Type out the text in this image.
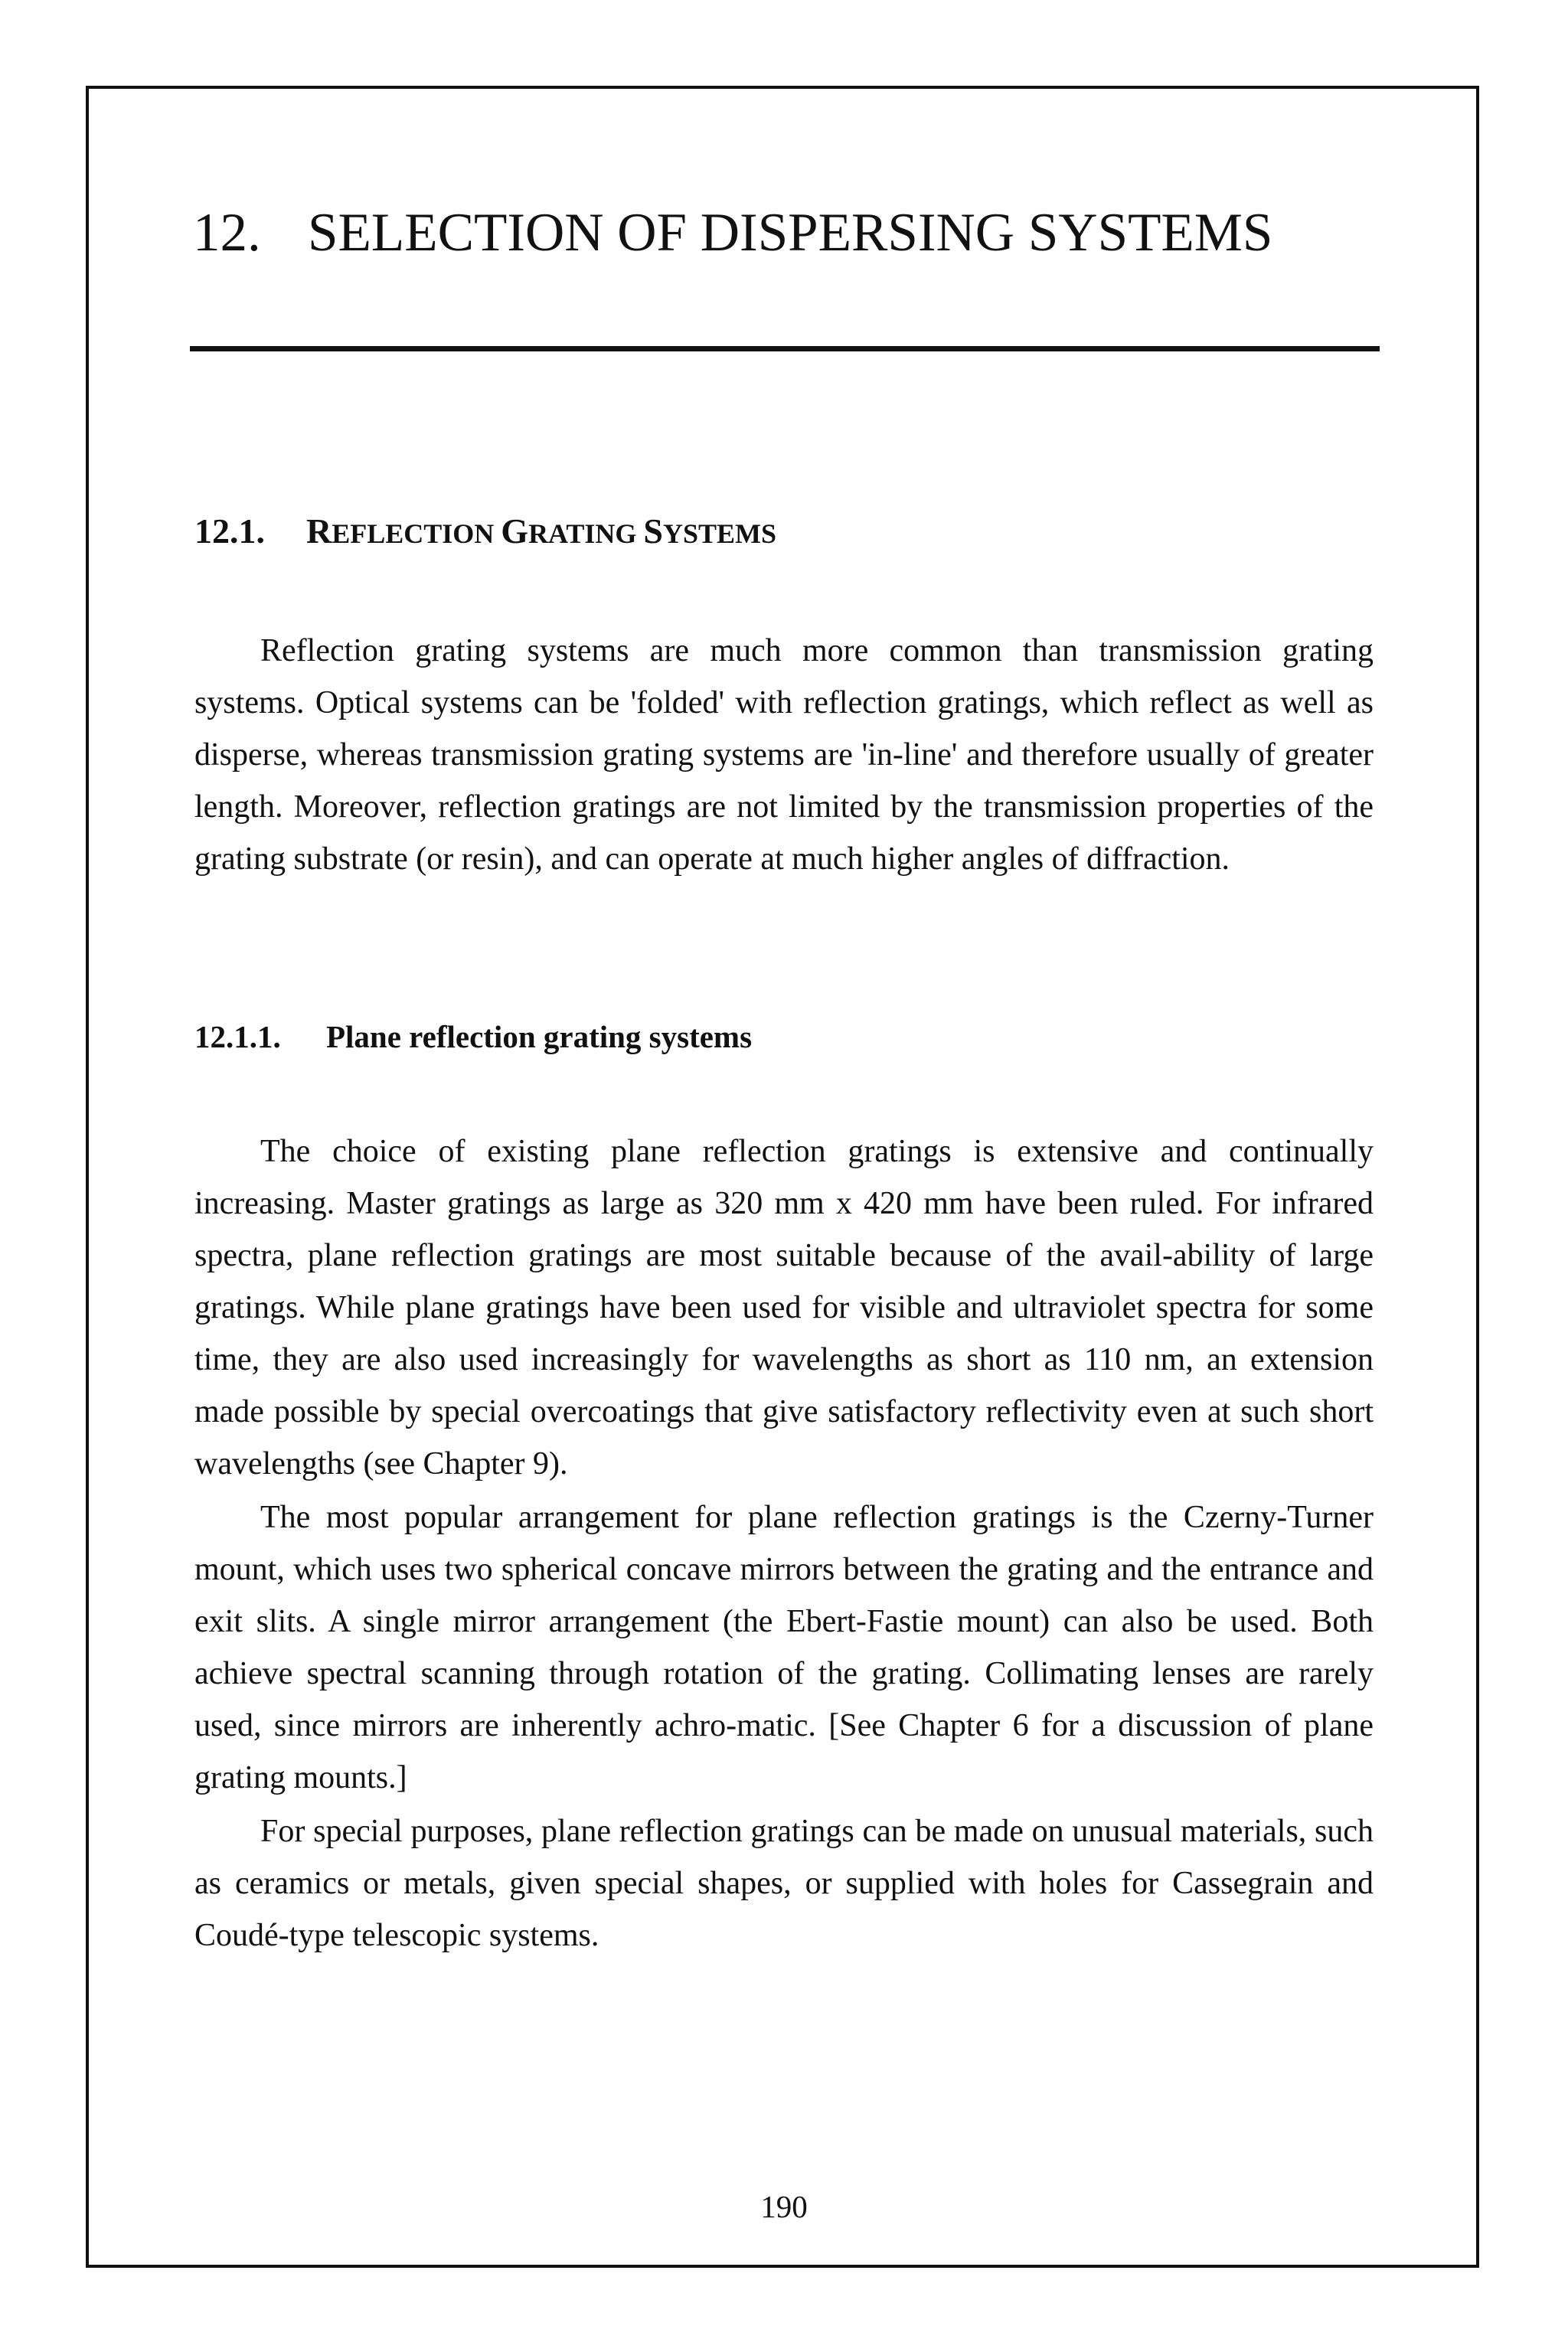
12. SELECTION OF DISPERSING SYSTEMS
12.1. REFLECTION GRATING SYSTEMS

Reflection grating systems are much more common than transmission grating systems. Optical systems can be 'folded' with reflection gratings, which reflect as well as disperse, whereas transmission grating systems are 'in-line' and therefore usually of greater length. Moreover, reflection gratings are not limited by the transmission properties of the grating substrate (or resin), and can operate at much higher angles of diffraction.

12.1.1. Plane reflection grating systems

The choice of existing plane reflection gratings is extensive and continually increasing. Master gratings as large as 320 mm x 420 mm have been ruled. For infrared spectra, plane reflection gratings are most suitable because of the avail-ability of large gratings. While plane gratings have been used for visible and ultraviolet spectra for some time, they are also used increasingly for wavelengths as short as 110 nm, an extension made possible by special overcoatings that give satisfactory reflectivity even at such short wavelengths (see Chapter 9).

The most popular arrangement for plane reflection gratings is the Czerny-Turner mount, which uses two spherical concave mirrors between the grating and the entrance and exit slits. A single mirror arrangement (the Ebert-Fastie mount) can also be used. Both achieve spectral scanning through rotation of the grating. Collimating lenses are rarely used, since mirrors are inherently achro-matic. [See Chapter 6 for a discussion of plane grating mounts.]

For special purposes, plane reflection gratings can be made on unusual materials, such as ceramics or metals, given special shapes, or supplied with holes for Cassegrain and Coudé-type telescopic systems.

190
